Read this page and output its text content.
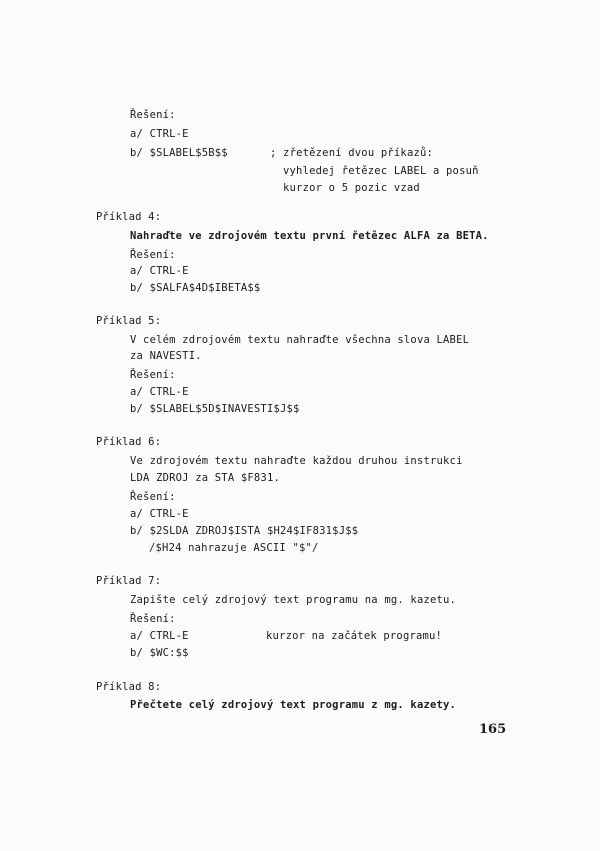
Řešení:
a/ CTRL-E
b/ $SLABEL$5B$$	; zřetězení dvou příkazů:
vyhledej řetězec LABEL a posuň
kurzor o 5 pozic vzad
Příklad 4:
Nahraďte ve zdrojovém textu první řetězec ALFA za BETA.
Řešení:
a/ CTRL-E
b/ $SALFA$4D$IBETA$$
Příklad 5:
V celém zdrojovém textu nahraďte všechna slova LABEL
za NAVESTI.
Řešení:
a/ CTRL-E
b/ $SLABEL$5D$INAVESTI$J$$
Příklad 6:
Ve zdrojovém textu nahraďte každou druhou instrukci
LDA ZDROJ za STA $F831.
Řešení:
a/ CTRL-E
b/ $2SLDA ZDROJ$ISTA $H24$IF831$J$$
/$H24 nahrazuje ASCII "$"/
Příklad 7:
Zapište celý zdrojový text programu na mg. kazetu.
Řešení:
a/ CTRL-E	kurzor na začátek programu!
b/ $WC:$$
Příklad 8:
Přečtete celý zdrojový text programu z mg. kazety.
165
